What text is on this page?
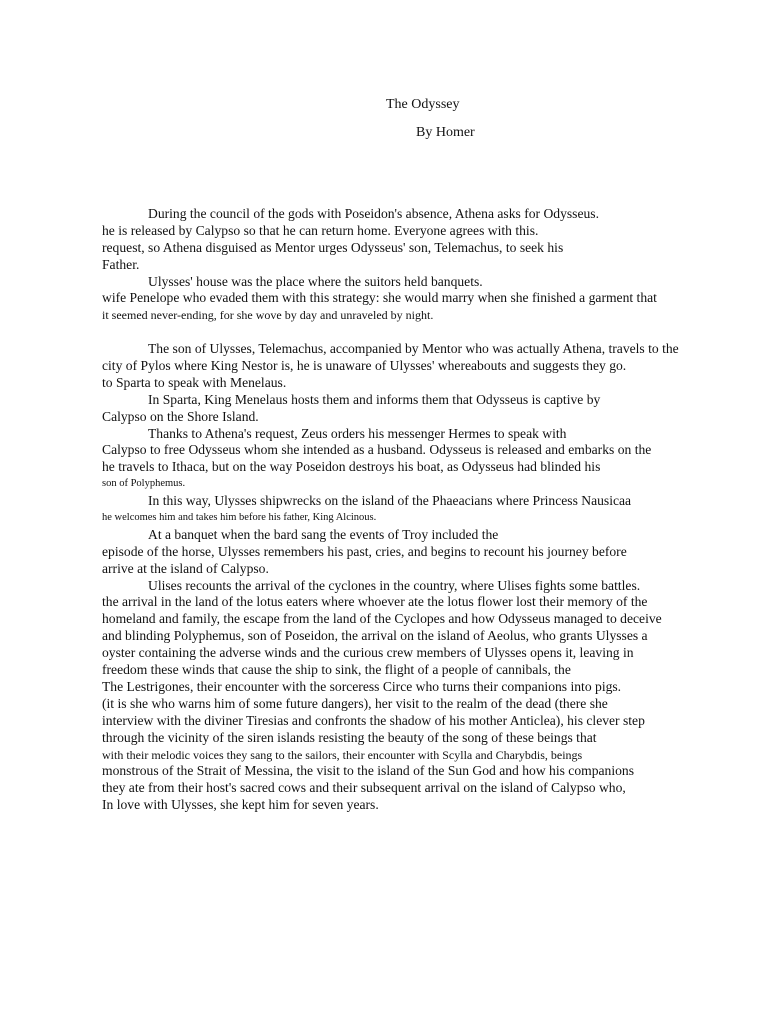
The Odyssey
By Homer
During the council of the gods with Poseidon's absence, Athena asks for Odysseus.
he is released by Calypso so that he can return home. Everyone agrees with this.
request, so Athena disguised as Mentor urges Odysseus' son, Telemachus, to seek his
Father.
Ulysses' house was the place where the suitors held banquets.
wife Penelope who evaded them with this strategy: she would marry when she finished a garment that
it seemed never-ending, for she wove by day and unraveled by night.
The son of Ulysses, Telemachus, accompanied by Mentor who was actually Athena, travels to the
city of Pylos where King Nestor is, he is unaware of Ulysses' whereabouts and suggests they go.
to Sparta to speak with Menelaus.
In Sparta, King Menelaus hosts them and informs them that Odysseus is captive by
Calypso on the Shore Island.
Thanks to Athena's request, Zeus orders his messenger Hermes to speak with
Calypso to free Odysseus whom she intended as a husband. Odysseus is released and embarks on the
he travels to Ithaca, but on the way Poseidon destroys his boat, as Odysseus had blinded his
son of Polyphemus.
In this way, Ulysses shipwrecks on the island of the Phaeacians where Princess Nausicaa
he welcomes him and takes him before his father, King Alcinous.
At a banquet when the bard sang the events of Troy included the
episode of the horse, Ulysses remembers his past, cries, and begins to recount his journey before
arrive at the island of Calypso.
Ulises recounts the arrival of the cyclones in the country, where Ulises fights some battles.
the arrival in the land of the lotus eaters where whoever ate the lotus flower lost their memory of the
homeland and family, the escape from the land of the Cyclopes and how Odysseus managed to deceive
and blinding Polyphemus, son of Poseidon, the arrival on the island of Aeolus, who grants Ulysses a
oyster containing the adverse winds and the curious crew members of Ulysses opens it, leaving in
freedom these winds that cause the ship to sink, the flight of a people of cannibals, the
The Lestrigones, their encounter with the sorceress Circe who turns their companions into pigs.
(it is she who warns him of some future dangers), her visit to the realm of the dead (there she
interview with the diviner Tiresias and confronts the shadow of his mother Anticlea), his clever step
through the vicinity of the siren islands resisting the beauty of the song of these beings that
with their melodic voices they sang to the sailors, their encounter with Scylla and Charybdis, beings
monstrous of the Strait of Messina, the visit to the island of the Sun God and how his companions
they ate from their host's sacred cows and their subsequent arrival on the island of Calypso who,
In love with Ulysses, she kept him for seven years.
